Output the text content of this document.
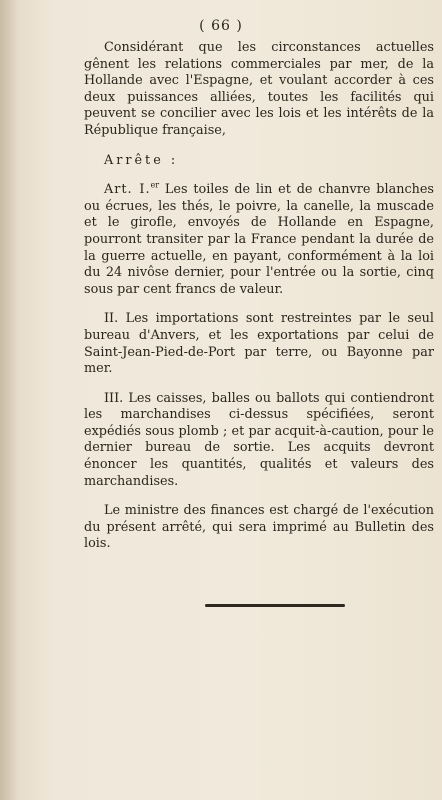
( 66 )

Considérant que les circonstances actuelles gênent les relations commerciales par mer, de la Hollande avec l'Espagne, et voulant accorder à ces deux puissances alliées, toutes les facilités qui peuvent se concilier avec les lois et les intérêts de la République française,

Arrête :

Art. I.$^{er}$ Les toiles de lin et de chanvre blanches ou écrues, les thés, le poivre, la canelle, la muscade et le girofle, envoyés de Hollande en Espagne, pourront transiter par la France pendant la durée de la guerre actuelle, en payant, conformément à la loi du 24 nivôse dernier, pour l'entrée ou la sortie, cinq sous par cent francs de valeur.

II. Les importations sont restreintes par le seul bureau d'Anvers, et les exportations par celui de Saint-Jean-Pied-de-Port par terre, ou Bayonne par mer.

III. Les caisses, balles ou ballots qui contiendront les marchandises ci-dessus spécifiées, seront expédiés sous plomb ; et par acquit-à-caution, pour le dernier bureau de sortie. Les acquits devront énoncer les quantités, qualités et valeurs des marchandises.

Le ministre des finances est chargé de l'exécution du présent arrêté, qui sera imprimé au Bulletin des lois.
